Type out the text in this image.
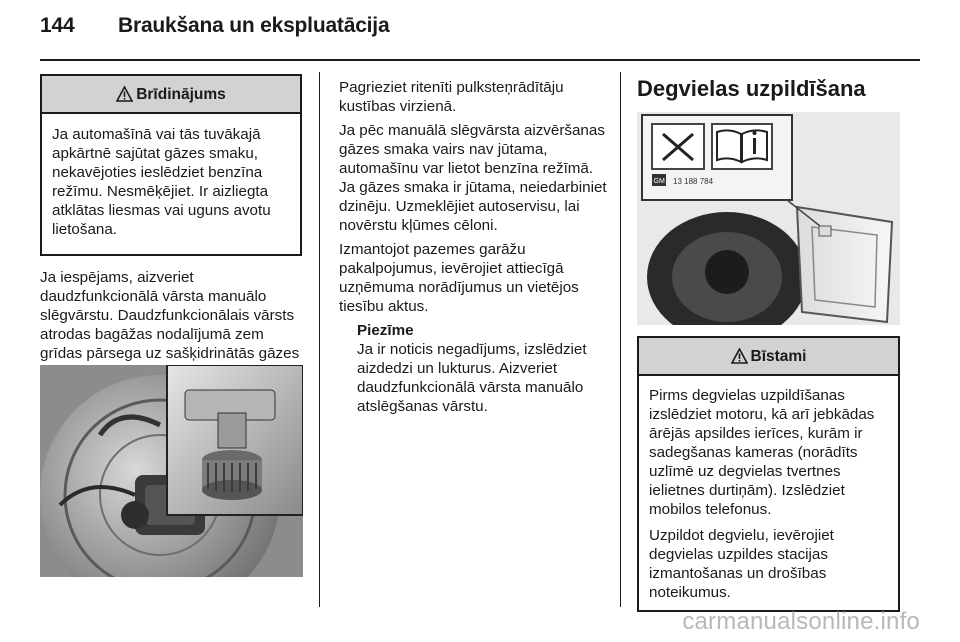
144 Braukšana un ekspluatācija
Brīdinājums

Ja automašīnā vai tās tuvākajā apkārtnē sajūtat gāzes smaku, nekavējoties ieslēdziet benzīna režīmu. Nesmēķējiet. Ir aizliegta atklātas liesmas vai uguns avotu lietošana.

Ja iespējams, aizveriet daudzfunkcionālā vārsta manuālo slēgvārstu. Daudzfunkcionālais vārsts atrodas bagāžas nodalījumā zem grīdas pārsega uz sašķidrinātās gāzes

Pagrieziet ritenīti pulksteņrādītāju kustības virzienā.

Ja pēc manuālā slēgvārsta aizvēršanas gāzes smaka vairs nav jūtama, automašīnu var lietot benzīna režīmā. Ja gāzes smaka ir jūtama, neiedarbiniet dzinēju. Uzmeklējiet autoservisu, lai novērstu kļūmes cēloni.

Izmantojot pazemes garāžu pakalpojumus, ievērojiet attiecīgā uzņēmuma norādījumus un vietējos tiesību aktus.

Piezīme
Ja ir noticis negadījums, izslēdziet aizdedzi un lukturus. Aizveriet daudzfunkcionālā vārsta manuālo atslēgšanas vārstu.
Degvielas uzpildīšana
GM 13 188 784
Bīstami

Pirms degvielas uzpildīšanas izslēdziet motoru, kā arī jebkādas ārējās apsildes ierīces, kurām ir sadegšanas kameras (norādīts uzlīmē uz degvielas tvertnes ielietnes durtiņām). Izslēdziet mobilos telefonus.

Uzpildot degvielu, ievērojiet degvielas uzpildes stacijas izmantošanas un drošības noteikumus.

carmanualsonline.info
